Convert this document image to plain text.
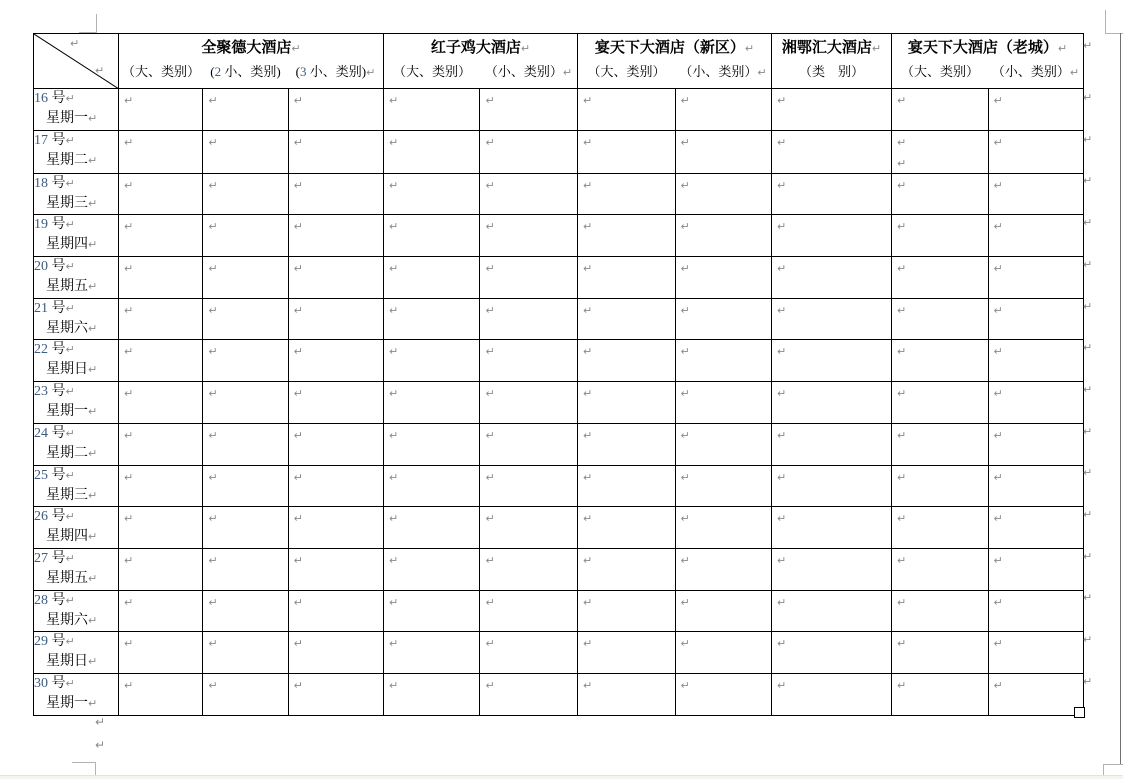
↵
↵

全聚德大酒店↵
（大、类别） (2 小、类别)	(3 小、类别)↵

红子鸡大酒店↵
（大、类别）	（小、类别）↵

宴天下大酒店（新区）↵
（大、类别）	（小、类别）↵

湘鄂汇大酒店↵
（类　别）

宴天下大酒店（老城）↵
（大、类别） （小、类别）↵

16 号↵
星期一↵	↵	↵	↵	↵	↵	↵	↵	↵	↵	↵

17 号↵
星期二↵

↵	↵	↵	↵	↵	↵	↵	↵	↵
↵

↵

18 号↵
星期三↵	↵	↵	↵	↵	↵	↵	↵	↵	↵	↵

19 号↵
星期四↵	↵	↵	↵	↵	↵	↵	↵	↵	↵	↵

20 号↵
星期五↵	↵	↵	↵	↵	↵	↵	↵	↵	↵	↵

21 号↵
星期六↵	↵	↵	↵	↵	↵	↵	↵	↵	↵	↵

22 号↵
星期日↵	↵	↵	↵	↵	↵	↵	↵	↵	↵	↵

23 号↵
星期一↵	↵	↵	↵	↵	↵	↵	↵	↵	↵	↵

24 号↵
星期二↵	↵	↵	↵	↵	↵	↵	↵	↵	↵	↵

25 号↵
星期三↵	↵	↵	↵	↵	↵	↵	↵	↵	↵	↵

26 号↵
星期四↵	↵	↵	↵	↵	↵	↵	↵	↵	↵	↵

27 号↵
星期五↵	↵	↵	↵	↵	↵	↵	↵	↵	↵	↵

28 号↵
星期六↵	↵	↵	↵	↵	↵	↵	↵	↵	↵	↵

29 号↵
星期日↵	↵	↵	↵	↵	↵	↵	↵	↵	↵	↵

30 号↵
星期一↵	↵	↵	↵	↵	↵	↵	↵	↵	↵	↵
↵
↵
↵
↵
↵
↵
↵
↵
↵
↵
↵
↵
↵
↵
↵
↵
↵
↵
